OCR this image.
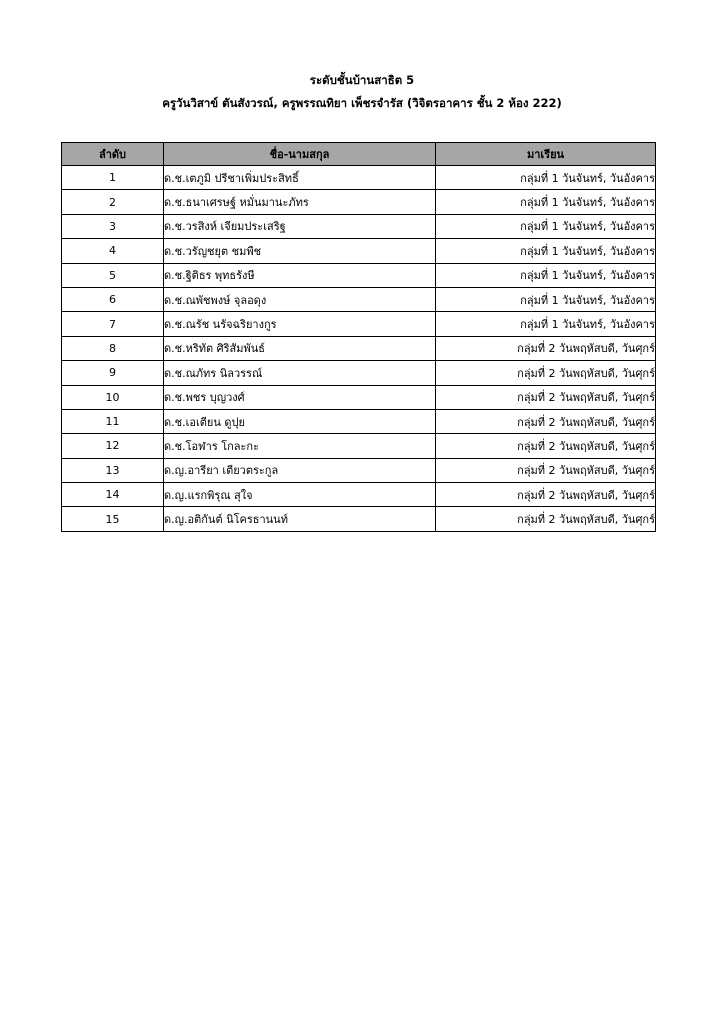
ระดับชั้นบ้านสาธิต 5
ครูวันวิสาข์ ตันสังวรณ์, ครูพรรณทิยา เพ็ชรจำรัส (วิจิตรอาคาร ชั้น 2 ห้อง 222)
ลำดับ	ชื่อ-นามสกุล	มาเรียน
1	ด.ช.เตภูมิ ปรีชาเพิ่มประสิทธิ์	กลุ่มที่ 1 วันจันทร์, วันอังคาร
2	ด.ช.ธนาเศรษฐ์ หมั่นมานะภัทร	กลุ่มที่ 1 วันจันทร์, วันอังคาร
3	ด.ช.วรสิงห์ เจียมประเสริฐ	กลุ่มที่ 1 วันจันทร์, วันอังคาร
4	ด.ช.วรัญชยุต ชมพืช	กลุ่มที่ 1 วันจันทร์, วันอังคาร
5	ด.ช.ฐิติธร พุทธรังษี	กลุ่มที่ 1 วันจันทร์, วันอังคาร
6	ด.ช.ณพัชพงษ์ จุลอดุง	กลุ่มที่ 1 วันจันทร์, วันอังคาร
7	ด.ช.ณรัช นรัจฉริยางกูร	กลุ่มที่ 1 วันจันทร์, วันอังคาร
8	ด.ช.หริทัต ศิริสัมพันธ์	กลุ่มที่ 2 วันพฤหัสบดี, วันศุกร์
9	ด.ช.ณภัทร นิลวรรณ์	กลุ่มที่ 2 วันพฤหัสบดี, วันศุกร์
10	ด.ช.พชร บุญวงศ์	กลุ่มที่ 2 วันพฤหัสบดี, วันศุกร์
11	ด.ช.เอเตียน ดูปุย	กลุ่มที่ 2 วันพฤหัสบดี, วันศุกร์
12	ด.ช.โอฬาร โกละกะ	กลุ่มที่ 2 วันพฤหัสบดี, วันศุกร์
13	ด.ญ.อารียา เตียวตระกูล	กลุ่มที่ 2 วันพฤหัสบดี, วันศุกร์
14	ด.ญ.แรกพิรุณ สุใจ	กลุ่มที่ 2 วันพฤหัสบดี, วันศุกร์
15	ด.ญ.อติกันต์ นิโครธานนท์	กลุ่มที่ 2 วันพฤหัสบดี, วันศุกร์
